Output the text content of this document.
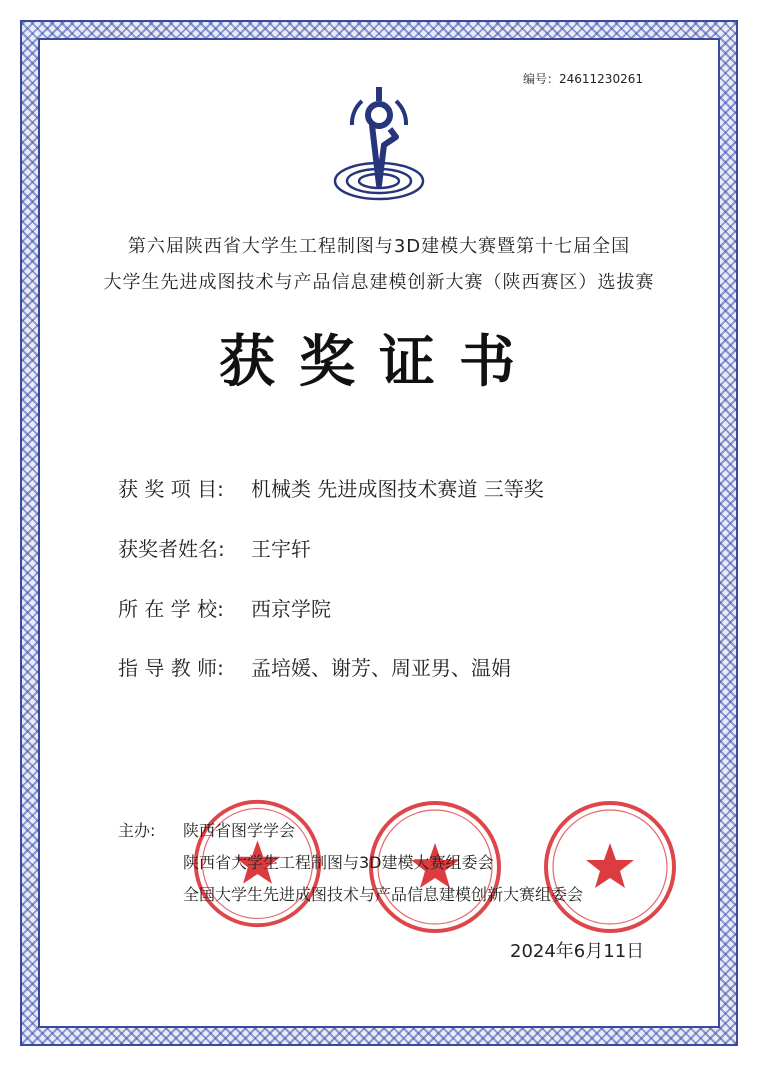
编号：24611230261
第六届陕西省大学生工程制图与3D建模大赛暨第十七届全国
大学生先进成图技术与产品信息建模创新大赛（陕西赛区）选拔赛
获奖证书
获 奖 项 目: 机械类 先进成图技术赛道 三等奖
获奖者姓名: 王宇轩
所 在 学 校: 西京学院
指 导 教 师: 孟培媛、谢芳、周亚男、温娟
主办: 陕西省图学学会
陕西省大学生工程制图与3D建模大赛组委会
全国大学生先进成图技术与产品信息建模创新大赛组委会
2024年6月11日
